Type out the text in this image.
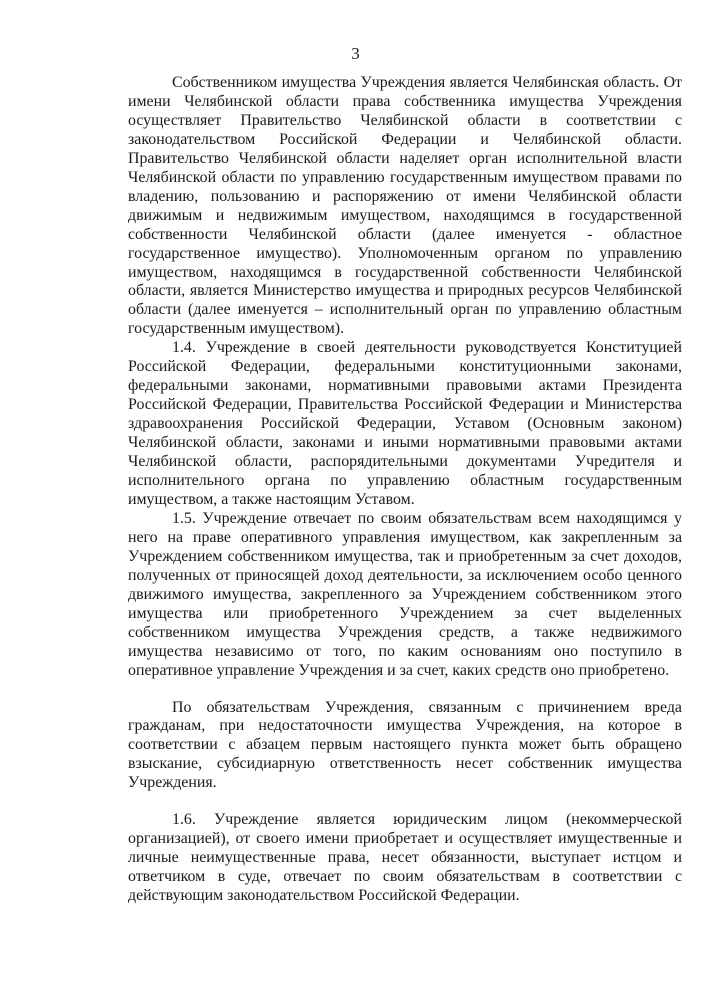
3

Собственником имущества Учреждения является Челябинская область. От имени Челябинской области права собственника имущества Учреждения осуществляет Правительство Челябинской области в соответствии с законодательством Российской Федерации и Челябинской области. Правительство Челябинской области наделяет орган исполнительной власти Челябинской области по управлению государственным имуществом правами по владению, пользованию и распоряжению от имени Челябинской области движимым и недвижимым имуществом, находящимся в государственной собственности Челябинской области (далее именуется - областное государственное имущество). Уполномоченным органом по управлению имуществом, находящимся в государственной собственности Челябинской области, является Министерство имущества и природных ресурсов Челябинской области (далее именуется – исполнительный орган по управлению областным государственным имуществом).

1.4. Учреждение в своей деятельности руководствуется Конституцией Российской Федерации, федеральными конституционными законами, федеральными законами, нормативными правовыми актами Президента Российской Федерации, Правительства Российской Федерации и Министерства здравоохранения Российской Федерации, Уставом (Основным законом) Челябинской области, законами и иными нормативными правовыми актами Челябинской области, распорядительными документами Учредителя и исполнительного органа по управлению областным государственным имуществом, а также настоящим Уставом.

1.5. Учреждение отвечает по своим обязательствам всем находящимся у него на праве оперативного управления имуществом, как закрепленным за Учреждением собственником имущества, так и приобретенным за счет доходов, полученных от приносящей доход деятельности, за исключением особо ценного движимого имущества, закрепленного за Учреждением собственником этого имущества или приобретенного Учреждением за счет выделенных собственником имущества Учреждения средств, а также недвижимого имущества независимо от того, по каким основаниям оно поступило в оперативное управление Учреждения и за счет, каких средств оно приобретено.

По обязательствам Учреждения, связанным с причинением вреда гражданам, при недостаточности имущества Учреждения, на которое в соответствии с абзацем первым настоящего пункта может быть обращено взыскание, субсидиарную ответственность несет собственник имущества Учреждения.

1.6. Учреждение является юридическим лицом (некоммерческой организацией), от своего имени приобретает и осуществляет имущественные и личные неимущественные права, несет обязанности, выступает истцом и ответчиком в суде, отвечает по своим обязательствам в соответствии с действующим законодательством Российской Федерации.
